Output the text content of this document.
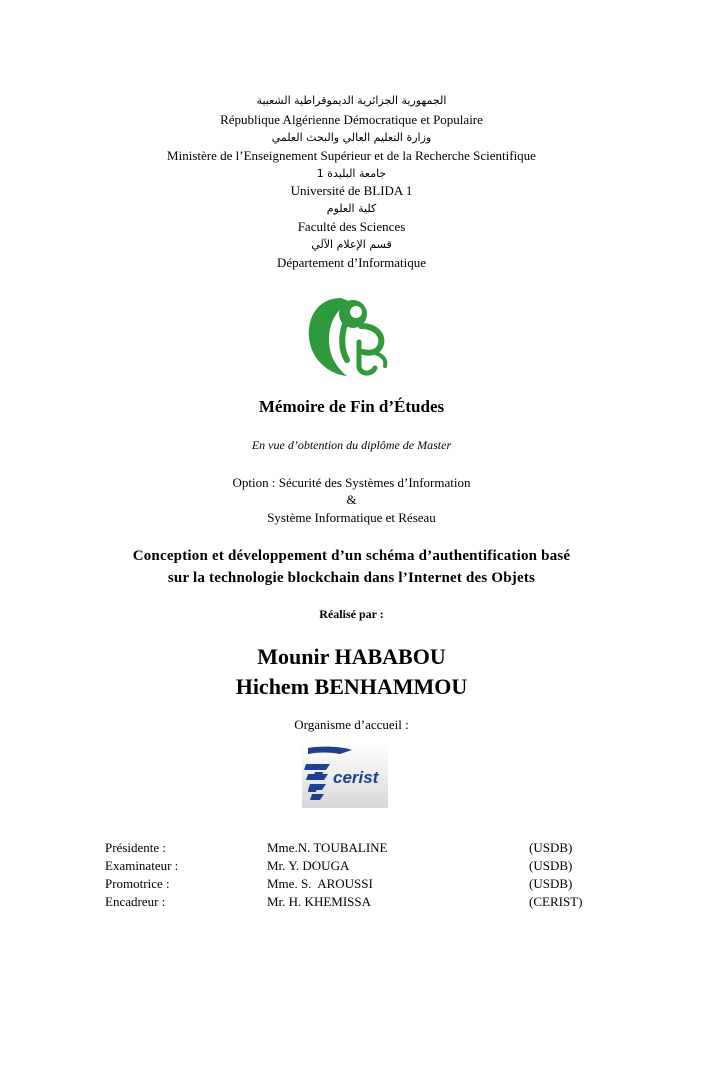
الجمهورية الجزائرية الديموقراطية الشعبية
République Algérienne Démocratique et Populaire
وزارة التعليم العالي والبحث العلمي
Ministère de l’Enseignement Supérieur et de la Recherche Scientifique
جامعة البليدة 1
Université de BLIDA 1
كلية العلوم
Faculté des Sciences
قسم الإعلام الآلي
Département d’Informatique
Mémoire de Fin d’Études
En vue d’obtention du diplôme de Master
Option : Sécurité des Systèmes d’Information
&
Système Informatique et Réseau
Conception et développement d’un schéma d’authentification basé
sur la technologie blockchain dans l’Internet des Objets
Réalisé par :
Mounir HABABOU
Hichem BENHAMMOU
Organisme d’accueil :
cerist
Présidente :	Mme.N. TOUBALINE	(USDB)
Examinateur :	Mr. Y. DOUGA	(USDB)
Promotrice :	Mme. S.  AROUSSI	(USDB)
Encadreur :	Mr. H. KHEMISSA	(CERIST)
